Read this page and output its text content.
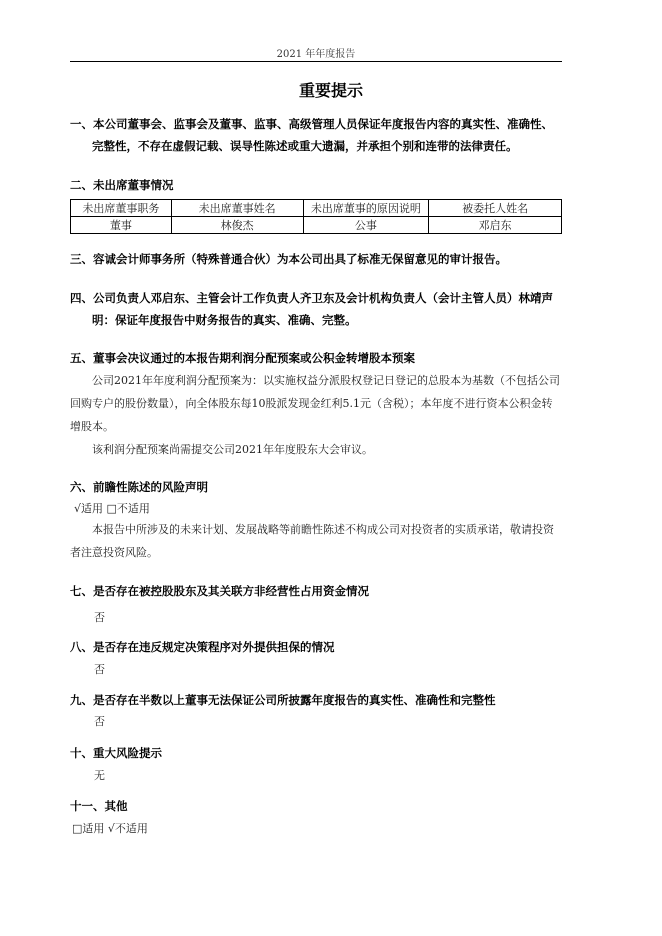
2021 年年度报告
重要提示
一、本公司董事会、监事会及董事、监事、高级管理人员保证年度报告内容的真实性、准确性、
完整性，不存在虚假记载、误导性陈述或重大遗漏，并承担个别和连带的法律责任。
二、未出席董事情况
未出席董事职务	未出席董事姓名	未出席董事的原因说明	被委托人姓名
董事	林俊杰	公事	邓启东
三、容诚会计师事务所（特殊普通合伙）为本公司出具了标准无保留意见的审计报告。
四、公司负责人邓启东、主管会计工作负责人齐卫东及会计机构负责人（会计主管人员）林靖声
明：保证年度报告中财务报告的真实、准确、完整。
五、董事会决议通过的本报告期利润分配预案或公积金转增股本预案
公司2021年年度利润分配预案为：以实施权益分派股权登记日登记的总股本为基数（不包括公司回购专户的股份数量），向全体股东每10股派发现金红利5.1元（含税）；本年度不进行资本公积金转增股本。
该利润分配预案尚需提交公司2021年年度股东大会审议。
六、前瞻性陈述的风险声明
√适用 □不适用
本报告中所涉及的未来计划、发展战略等前瞻性陈述不构成公司对投资者的实质承诺，敬请投资者注意投资风险。
七、是否存在被控股股东及其关联方非经营性占用资金情况
否
八、是否存在违反规定决策程序对外提供担保的情况
否
九、是否存在半数以上董事无法保证公司所披露年度报告的真实性、准确性和完整性
否
十、重大风险提示
无
十一、其他
□适用 √不适用
